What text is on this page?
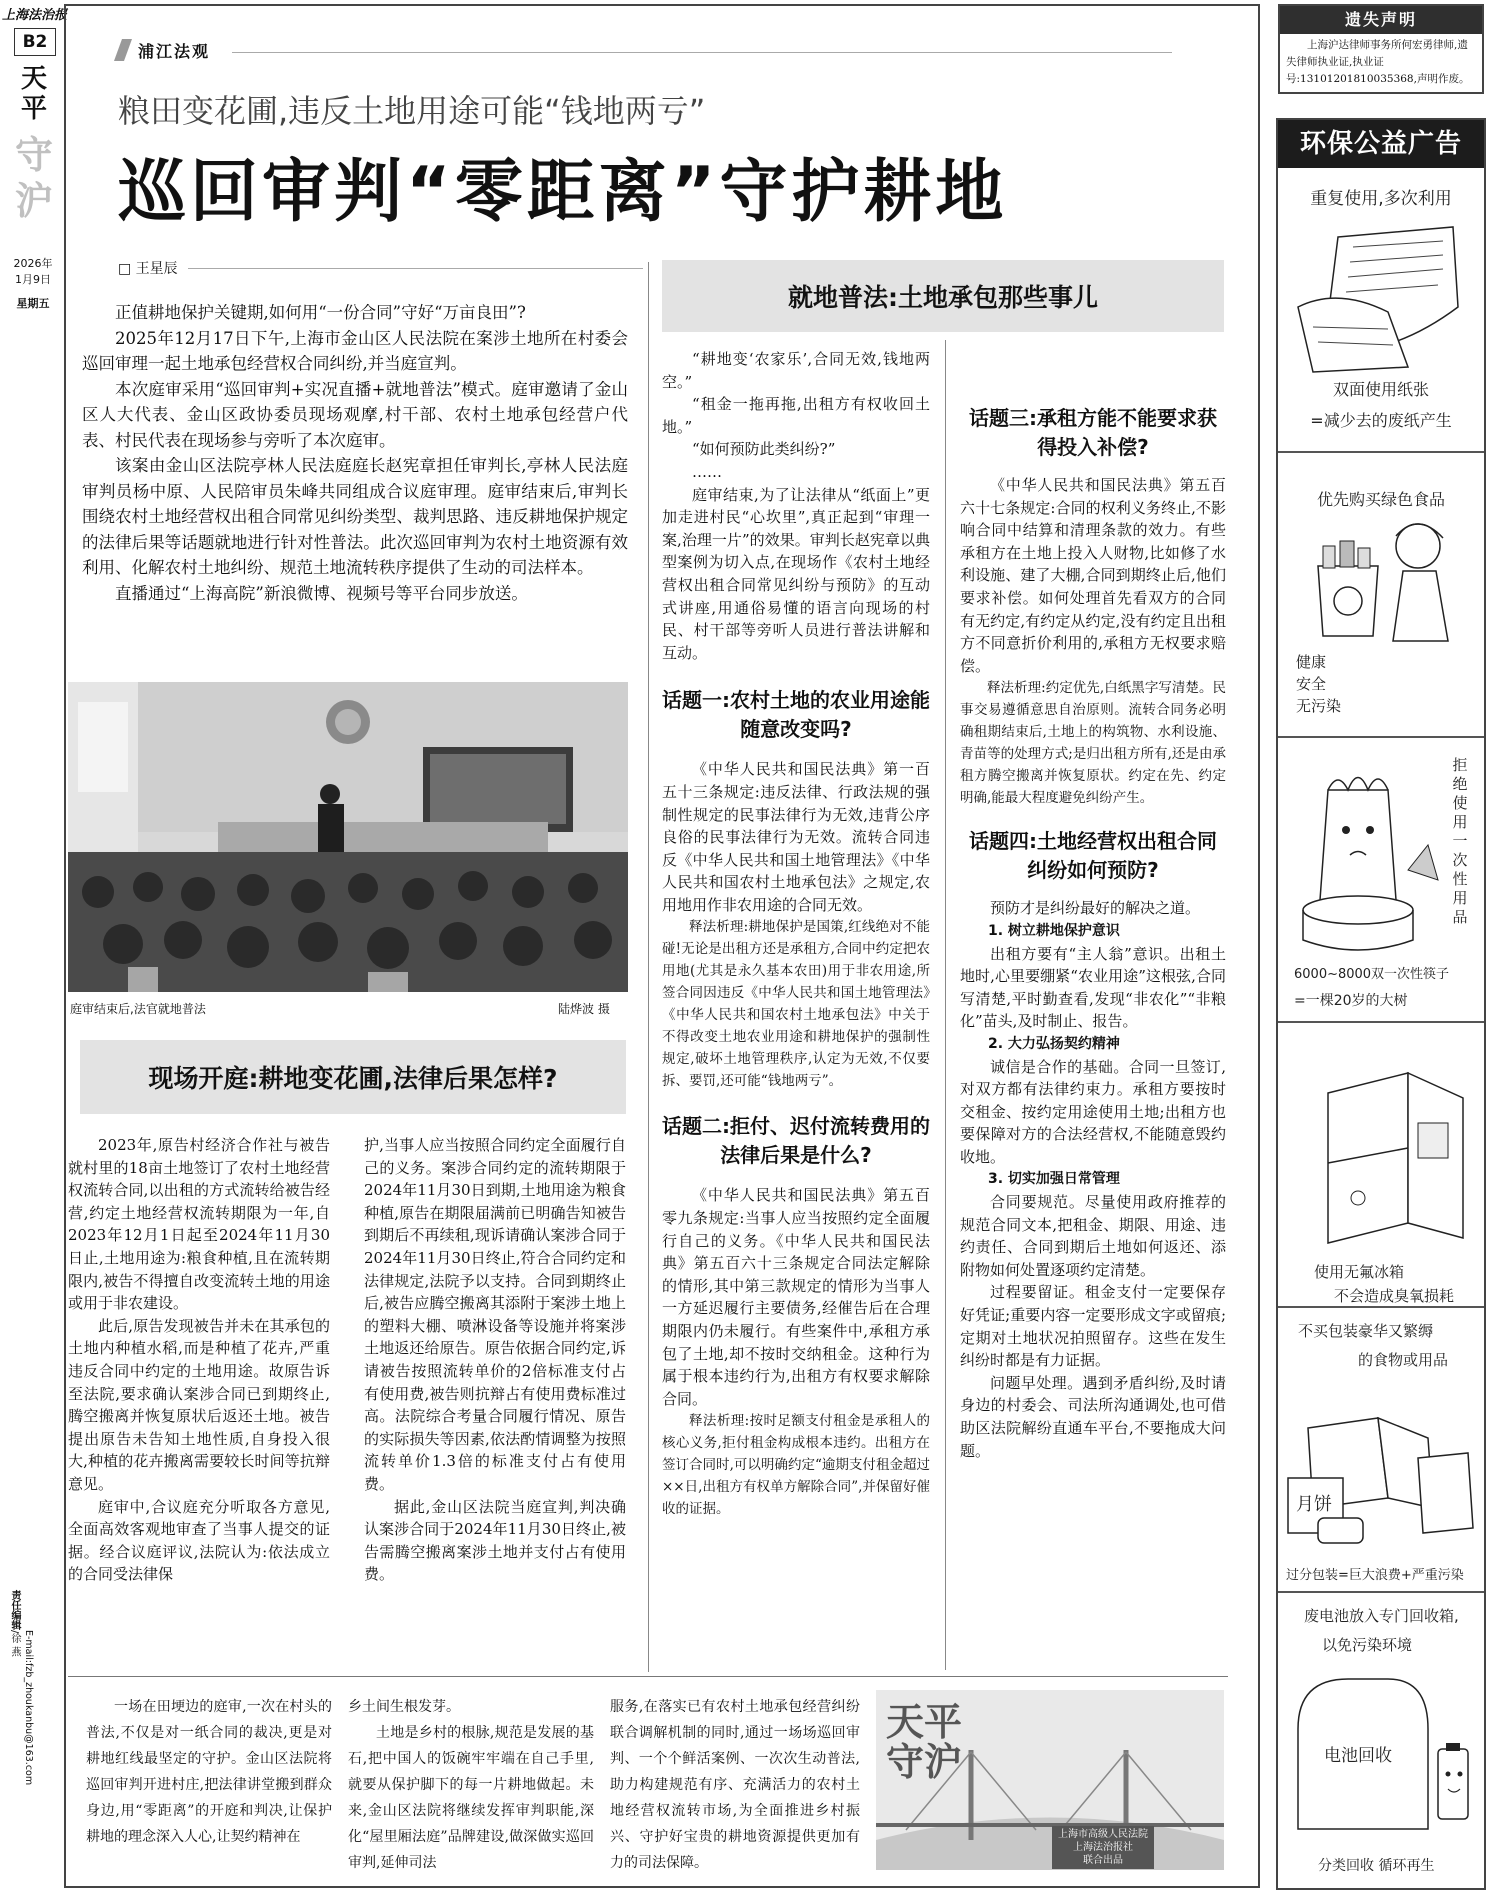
上海法治报
B2
天
平
守
沪
2026年
1月9日
星期五
责任编辑/徐 燕 E-mail:fzb_zhoukanbu@163.com
浦江法观
粮田变花圃,违反土地用途可能“钱地两亏”
巡回审判“零距离”守护耕地
□ 王星辰

正值耕地保护关键期,如何用“一份合同”守好“万亩良田”?

2025年12月17日下午,上海市金山区人民法院在案涉土地所在村委会巡回审理一起土地承包经营权合同纠纷,并当庭宣判。

本次庭审采用“巡回审判+实况直播+就地普法”模式。庭审邀请了金山区人大代表、金山区政协委员现场观摩,村干部、农村土地承包经营户代表、村民代表在现场参与旁听了本次庭审。

该案由金山区法院亭林人民法庭庭长赵宪章担任审判长,亭林人民法庭审判员杨中原、人民陪审员朱峰共同组成合议庭审理。庭审结束后,审判长围绕农村土地经营权出租合同常见纠纷类型、裁判思路、违反耕地保护规定的法律后果等话题就地进行针对性普法。此次巡回审判为农村土地资源有效利用、化解农村土地纠纷、规范土地流转秩序提供了生动的司法样本。

直播通过“上海高院”新浪微博、视频号等平台同步放送。

庭审结束后,法官就地普法	陆烨波 摄
现场开庭:耕地变花圃,法律后果怎样?

2023年,原告村经济合作社与被告就村里的18亩土地签订了农村土地经营权流转合同,以出租的方式流转给被告经营,约定土地经营权流转期限为一年,自2023年12月1日起至2024年11月30日止,土地用途为:粮食种植,且在流转期限内,被告不得擅自改变流转土地的用途或用于非农建设。

此后,原告发现被告并未在其承包的土地内种植水稻,而是种植了花卉,严重违反合同中约定的土地用途。故原告诉至法院,要求确认案涉合同已到期终止,腾空搬离并恢复原状后返还土地。被告提出原告未告知土地性质,自身投入很大,种植的花卉搬离需要较长时间等抗辩意见。

庭审中,合议庭充分听取各方意见,全面高效客观地审查了当事人提交的证据。经合议庭评议,法院认为:依法成立的合同受法律保

护,当事人应当按照合同约定全面履行自己的义务。案涉合同约定的流转期限于2024年11月30日到期,土地用途为粮食种植,原告在期限届满前已明确告知被告到期后不再续租,现诉请确认案涉合同于2024年11月30日终止,符合合同约定和法律规定,法院予以支持。合同到期终止后,被告应腾空搬离其添附于案涉土地上的塑料大棚、喷淋设备等设施并将案涉土地返还给原告。原告依据合同约定,诉请被告按照流转单价的2倍标准支付占有使用费,被告则抗辩占有使用费标准过高。法院综合考量合同履行情况、原告的实际损失等因素,依法酌情调整为按照流转单价1.3倍的标准支付占有使用费。

据此,金山区法院当庭宣判,判决确认案涉合同于2024年11月30日终止,被告需腾空搬离案涉土地并支付占有使用费。

就地普法:土地承包那些事儿

“耕地变‘农家乐’,合同无效,钱地两空。”

“租金一拖再拖,出租方有权收回土地。”

“如何预防此类纠纷?”

……

庭审结束,为了让法律从“纸面上”更加走进村民“心坎里”,真正起到“审理一案,治理一片”的效果。审判长赵宪章以典型案例为切入点,在现场作《农村土地经营权出租合同常见纠纷与预防》的互动式讲座,用通俗易懂的语言向现场的村民、村干部等旁听人员进行普法讲解和互动。

话题一:农村土地的农业用途能随意改变吗?

《中华人民共和国民法典》第一百五十三条规定:违反法律、行政法规的强制性规定的民事法律行为无效,违背公序良俗的民事法律行为无效。流转合同违反《中华人民共和国土地管理法》《中华人民共和国农村土地承包法》之规定,农用地用作非农用途的合同无效。

释法析理:耕地保护是国策,红线绝对不能碰!无论是出租方还是承租方,合同中约定把农用地(尤其是永久基本农田)用于非农用途,所签合同因违反《中华人民共和国土地管理法》《中华人民共和国农村土地承包法》中关于不得改变土地农业用途和耕地保护的强制性规定,破坏土地管理秩序,认定为无效,不仅要拆、要罚,还可能“钱地两亏”。

话题二:拒付、迟付流转费用的法律后果是什么?

《中华人民共和国民法典》第五百零九条规定:当事人应当按照约定全面履行自己的义务。《中华人民共和国民法典》第五百六十三条规定合同法定解除的情形,其中第三款规定的情形为当事人一方延迟履行主要债务,经催告后在合理期限内仍未履行。有些案件中,承租方承包了土地,却不按时交纳租金。这种行为属于根本违约行为,出租方有权要求解除合同。

释法析理:按时足额支付租金是承租人的核心义务,拒付租金构成根本违约。出租方在签订合同时,可以明确约定“逾期支付租金超过××日,出租方有权单方解除合同”,并保留好催收的证据。

话题三:承租方能不能要求获得投入补偿?

《中华人民共和国民法典》第五百六十七条规定:合同的权利义务终止,不影响合同中结算和清理条款的效力。有些承租方在土地上投入人财物,比如修了水利设施、建了大棚,合同到期终止后,他们要求补偿。如何处理首先看双方的合同有无约定,有约定从约定,没有约定且出租方不同意折价利用的,承租方无权要求赔偿。

释法析理:约定优先,白纸黑字写清楚。民事交易遵循意思自治原则。流转合同务必明确租期结束后,土地上的构筑物、水利设施、青苗等的处理方式;是归出租方所有,还是由承租方腾空搬离并恢复原状。约定在先、约定明确,能最大程度避免纠纷产生。

话题四:土地经营权出租合同纠纷如何预防?

预防才是纠纷最好的解决之道。

1. 树立耕地保护意识

出租方要有“主人翁”意识。出租土地时,心里要绷紧“农业用途”这根弦,合同写清楚,平时勤查看,发现“非农化”“非粮化”苗头,及时制止、报告。

2. 大力弘扬契约精神

诚信是合作的基础。合同一旦签订,对双方都有法律约束力。承租方要按时交租金、按约定用途使用土地;出租方也要保障对方的合法经营权,不能随意毁约收地。

3. 切实加强日常管理

合同要规范。尽量使用政府推荐的规范合同文本,把租金、期限、用途、违约责任、合同到期后土地如何返还、添附物如何处置逐项约定清楚。

过程要留证。租金支付一定要保存好凭证;重要内容一定要形成文字或留痕;定期对土地状况拍照留存。这些在发生纠纷时都是有力证据。

问题早处理。遇到矛盾纠纷,及时请身边的村委会、司法所沟通调处,也可借助区法院解纷直通车平台,不要拖成大问题。

一场在田埂边的庭审,一次在村头的普法,不仅是对一纸合同的裁决,更是对耕地红线最坚定的守护。金山区法院将巡回审判开进村庄,把法律讲堂搬到群众身边,用“零距离”的开庭和判决,让保护耕地的理念深入人心,让契约精神在

乡土间生根发芽。

土地是乡村的根脉,规范是发展的基石,把中国人的饭碗牢牢端在自己手里,就要从保护脚下的每一片耕地做起。未来,金山区法院将继续发挥审判职能,深化“屋里厢法庭”品牌建设,做深做实巡回审判,延伸司法

服务,在落实已有农村土地承包经营纠纷联合调解机制的同时,通过一场场巡回审判、一个个鲜活案例、一次次生动普法,助力构建规范有序、充满活力的农村土地经营权流转市场,为全面推进乡村振兴、守护好宝贵的耕地资源提供更加有力的司法保障。

天平守沪
上海市高级人民法院
上海法治报社
联合出品
遗失声明
上海沪达律师事务所何宏勇律师,遗失律师执业证,执业证号:13101201810035368,声明作废。
环保公益广告
重复使用,多次利用
双面使用纸张
=减少去的废纸产生
优先购买绿色食品
健康
安全
无污染
拒
绝
使
用
一
次
性
用
品
6000~8000双一次性筷子
=一棵20岁的大树
使用无氟冰箱
不会造成臭氧损耗
不买包装豪华又繁缛
的食物或用品
月饼
过分包装=巨大浪费+严重污染
废电池放入专门回收箱,
以免污染环境
电池回收
分类回收 循环再生
